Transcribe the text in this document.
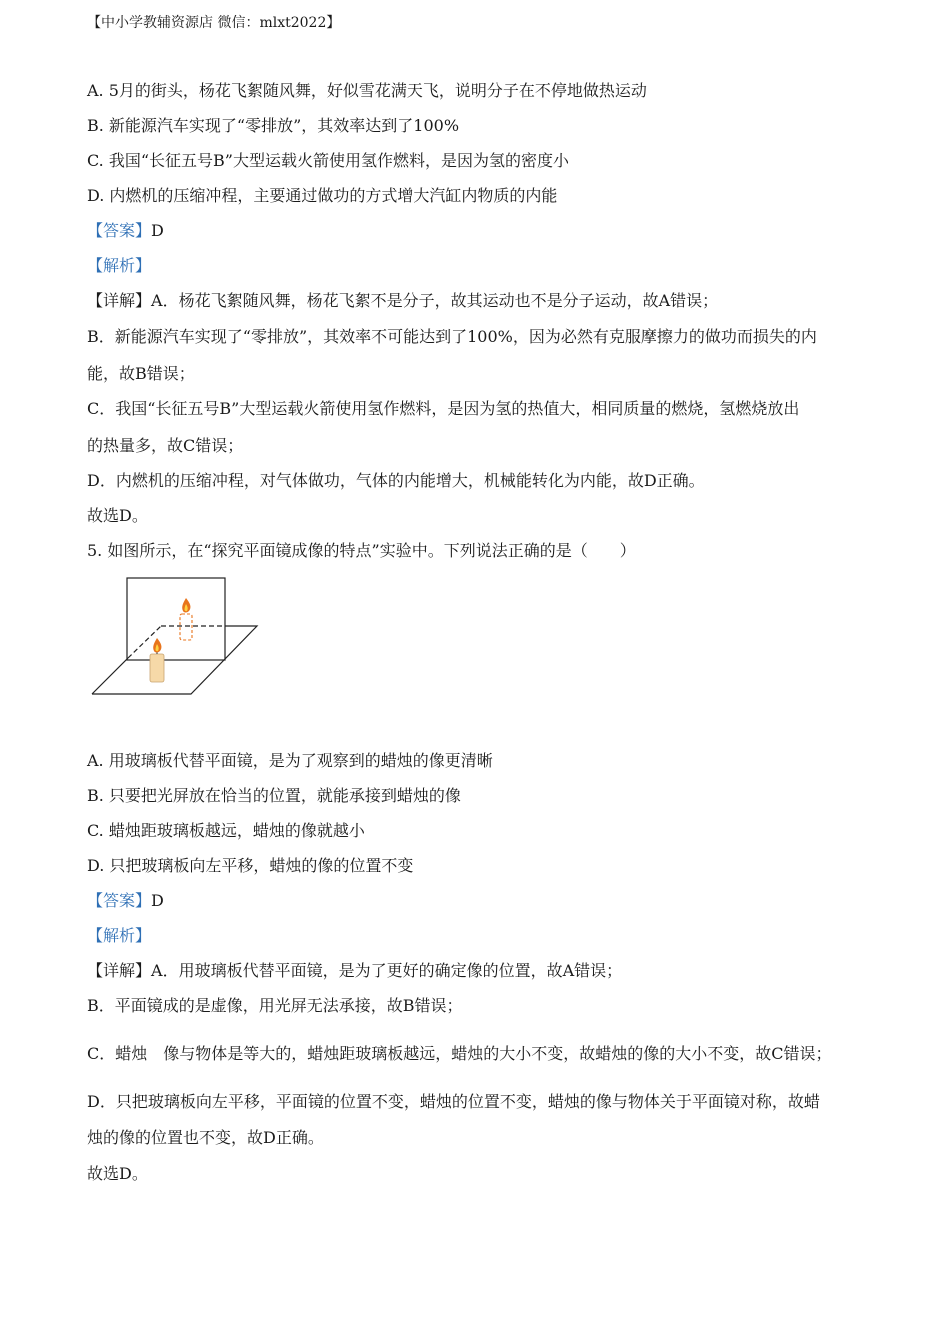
【中小学教辅资源店 微信：mlxt2022】
A. 5月的街头，杨花飞絮随风舞，好似雪花满天飞，说明分子在不停地做热运动
B. 新能源汽车实现了“零排放”，其效率达到了100%
C. 我国“长征五号B”大型运载火箭使用氢作燃料，是因为氢的密度小
D. 内燃机的压缩冲程，主要通过做功的方式增大汽缸内物质的内能
【答案】D
【解析】
【详解】A．杨花飞絮随风舞，杨花飞絮不是分子，故其运动也不是分子运动，故A错误；
B．新能源汽车实现了“零排放”，其效率不可能达到了100%，因为必然有克服摩擦力的做功而损失的内
能，故B错误；
C．我国“长征五号B”大型运载火箭使用氢作燃料，是因为氢的热值大，相同质量的燃烧，氢燃烧放出
的热量多，故C错误；
D．内燃机的压缩冲程，对气体做功，气体的内能增大，机械能转化为内能，故D正确。
故选D。
5. 如图所示，在“探究平面镜成像的特点”实验中。下列说法正确的是（　　）
A. 用玻璃板代替平面镜，是为了观察到的蜡烛的像更清晰
B. 只要把光屏放在恰当的位置，就能承接到蜡烛的像
C. 蜡烛距玻璃板越远，蜡烛的像就越小
D. 只把玻璃板向左平移，蜡烛的像的位置不变
【答案】D
【解析】
【详解】A．用玻璃板代替平面镜，是为了更好的确定像的位置，故A错误；
B．平面镜成的是虚像，用光屏无法承接，故B错误；
C．蜡烛　像与物体是等大的，蜡烛距玻璃板越远，蜡烛的大小不变，故蜡烛的像的大小不变，故C错误；
D．只把玻璃板向左平移，平面镜的位置不变，蜡烛的位置不变，蜡烛的像与物体关于平面镜对称，故蜡
烛的像的位置也不变，故D正确。
故选D。
